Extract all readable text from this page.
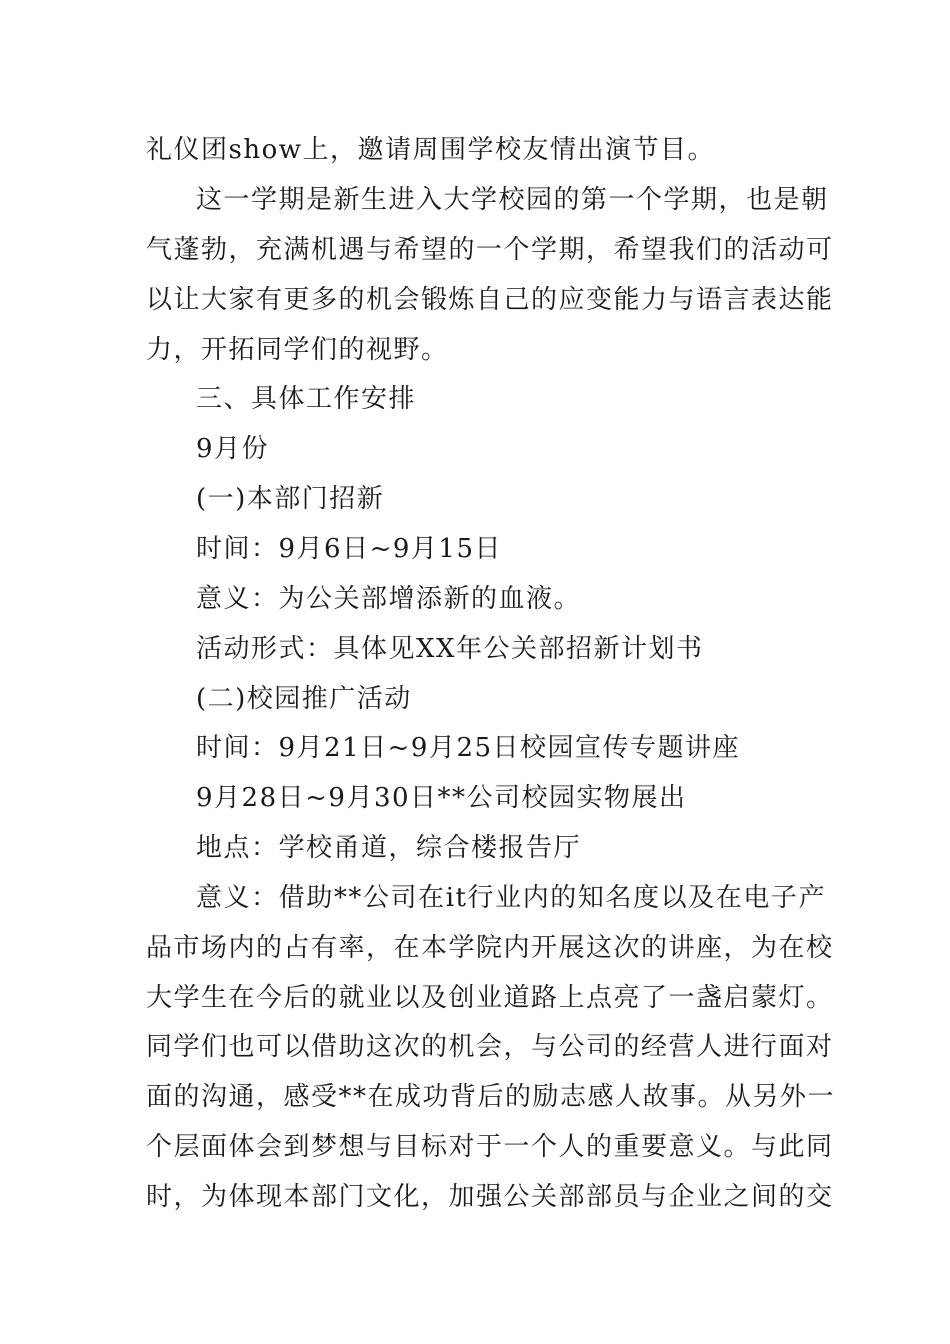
礼仪团show上，邀请周围学校友情出演节目。
这一学期是新生进入大学校园的第一个学期，也是朝
气蓬勃，充满机遇与希望的一个学期，希望我们的活动可
以让大家有更多的机会锻炼自己的应变能力与语言表达能
力，开拓同学们的视野。
三、具体工作安排
9月份
(一)本部门招新
时间：9月6日~9月15日
意义：为公关部增添新的血液。
活动形式：具体见XX年公关部招新计划书
(二)校园推广活动
时间：9月21日~9月25日校园宣传专题讲座
9月28日~9月30日**公司校园实物展出
地点：学校甬道，综合楼报告厅
意义：借助**公司在it行业内的知名度以及在电子产
品市场内的占有率，在本学院内开展这次的讲座，为在校
大学生在今后的就业以及创业道路上点亮了一盏启蒙灯。
同学们也可以借助这次的机会，与公司的经营人进行面对
面的沟通，感受**在成功背后的励志感人故事。从另外一
个层面体会到梦想与目标对于一个人的重要意义。与此同
时，为体现本部门文化，加强公关部部员与企业之间的交
